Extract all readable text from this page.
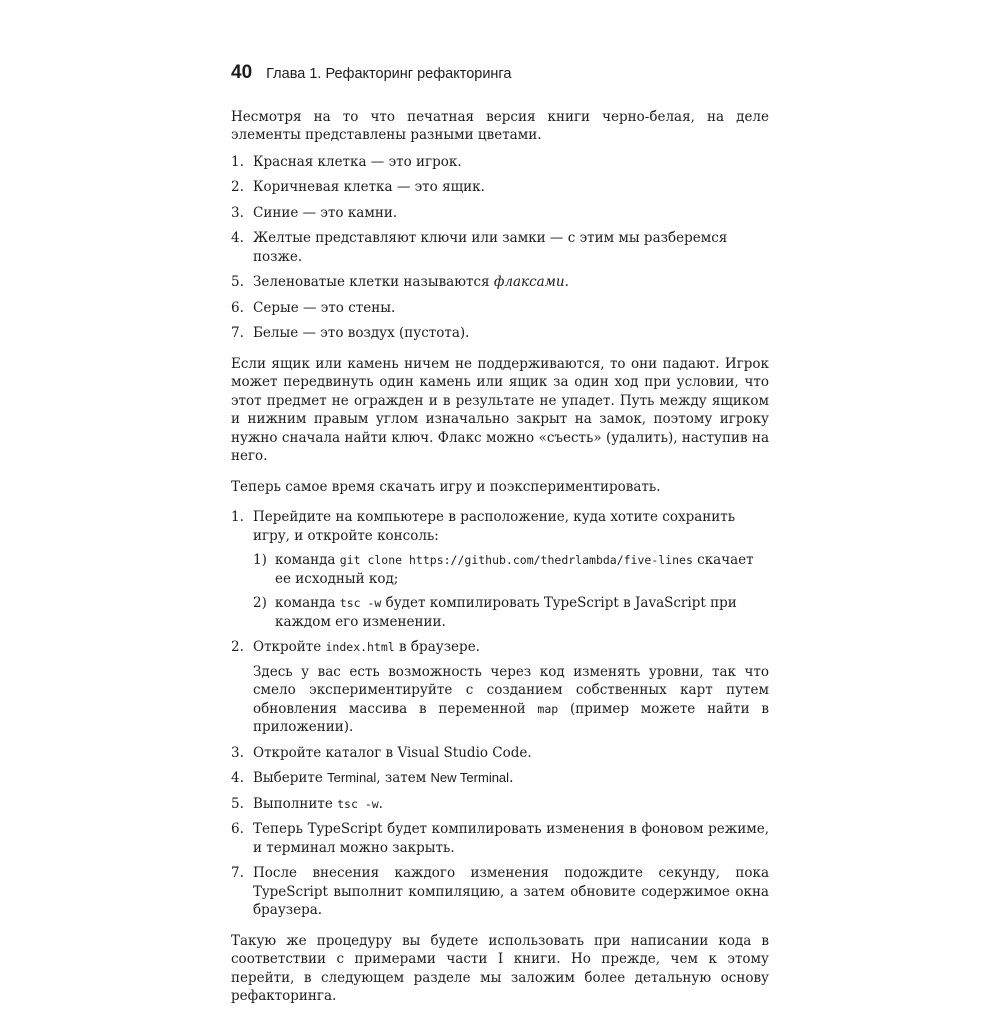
40 Глава 1. Рефакторинг рефакторинга

Несмотря на то что печатная версия книги черно-белая, на деле элементы представлены разными цветами.

1. Красная клетка — это игрок.
2. Коричневая клетка — это ящик.
3. Синие — это камни.
4. Желтые представляют ключи или замки — с этим мы разберемся позже.
5. Зеленоватые клетки называются флаксами.
6. Серые — это стены.
7. Белые — это воздух (пустота).

Если ящик или камень ничем не поддерживаются, то они падают. Игрок может передвинуть один камень или ящик за один ход при условии, что этот предмет не огражден и в результате не упадет. Путь между ящиком и нижним правым углом изначально закрыт на замок, поэтому игроку нужно сначала найти ключ. Флакс можно «съесть» (удалить), наступив на него.

Теперь самое время скачать игру и поэкспериментировать.

1. Перейдите на компьютере в расположение, куда хотите сохранить игру, и откройте консоль:
1) команда git clone https://github.com/thedrlambda/five-lines скачает ее исходный код;
2) команда tsc -w будет компилировать TypeScript в JavaScript при каждом его изменении.
2. Откройте index.html в браузере.

Здесь у вас есть возможность через код изменять уровни, так что смело экспериментируйте с созданием собственных карт путем обновления массива в переменной map (пример можете найти в приложении).

3. Откройте каталог в Visual Studio Code.
4. Выберите Terminal, затем New Terminal.
5. Выполните tsc -w.
6. Теперь TypeScript будет компилировать изменения в фоновом режиме, и терминал можно закрыть.
7. После внесения каждого изменения подождите секунду, пока TypeScript выполнит компиляцию, а затем обновите содержимое окна браузера.

Такую же процедуру вы будете использовать при написании кода в соответствии с примерами части I книги. Но прежде, чем к этому перейти, в следующем разделе мы заложим более детальную основу рефакторинга.
